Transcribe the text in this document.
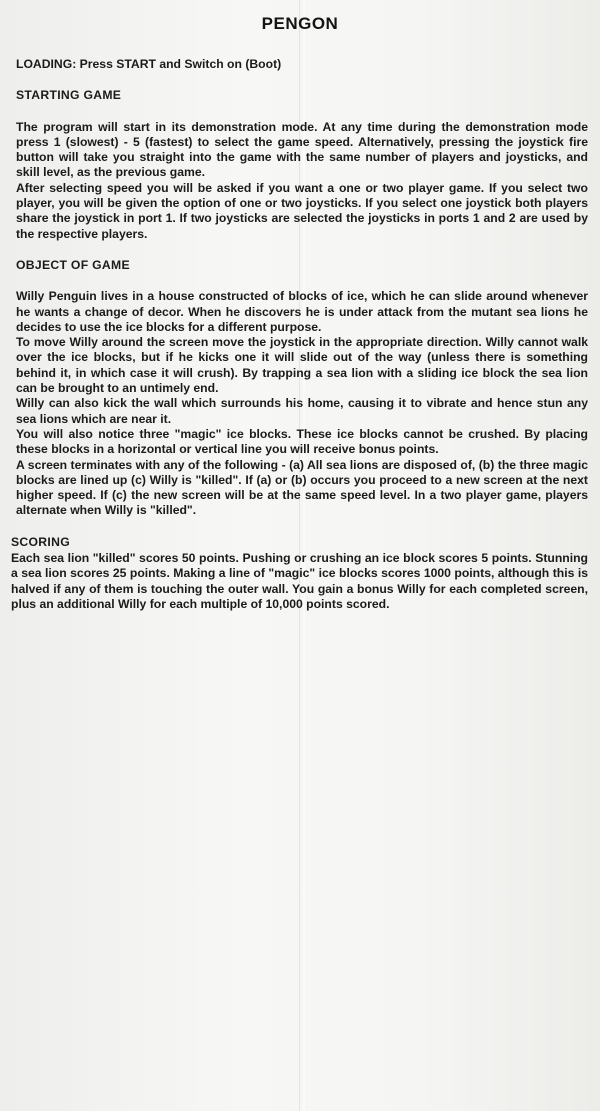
PENGON
LOADING: Press START and Switch on (Boot)
STARTING GAME

The program will start in its demonstration mode. At any time during the demonstration mode press 1 (slowest) - 5 (fastest) to select the game speed. Alternatively, pressing the joystick fire button will take you straight into the game with the same number of players and joysticks, and skill level, as the previous game.

After selecting speed you will be asked if you want a one or two player game. If you select two player, you will be given the option of one or two joysticks. If you select one joystick both players share the joystick in port 1. If two joysticks are selected the joysticks in ports 1 and 2 are used by the respective players.

OBJECT OF GAME

Willy Penguin lives in a house constructed of blocks of ice, which he can slide around whenever he wants a change of decor. When he discovers he is under attack from the mutant sea lions he decides to use the ice blocks for a different purpose.

To move Willy around the screen move the joystick in the appropriate direction. Willy cannot walk over the ice blocks, but if he kicks one it will slide out of the way (unless there is something behind it, in which case it will crush). By trapping a sea lion with a sliding ice block the sea lion can be brought to an untimely end.

Willy can also kick the wall which surrounds his home, causing it to vibrate and hence stun any sea lions which are near it.

You will also notice three "magic" ice blocks. These ice blocks cannot be crushed. By placing these blocks in a horizontal or vertical line you will receive bonus points.

A screen terminates with any of the following - (a) All sea lions are disposed of, (b) the three magic blocks are lined up (c) Willy is "killed". If (a) or (b) occurs you proceed to a new screen at the next higher speed. If (c) the new screen will be at the same speed level. In a two player game, players alternate when Willy is "killed".

SCORING

Each sea lion "killed" scores 50 points. Pushing or crushing an ice block scores 5 points. Stunning a sea lion scores 25 points. Making a line of "magic" ice blocks scores 1000 points, although this is halved if any of them is touching the outer wall. You gain a bonus Willy for each completed screen, plus an additional Willy for each multiple of 10,000 points scored.
